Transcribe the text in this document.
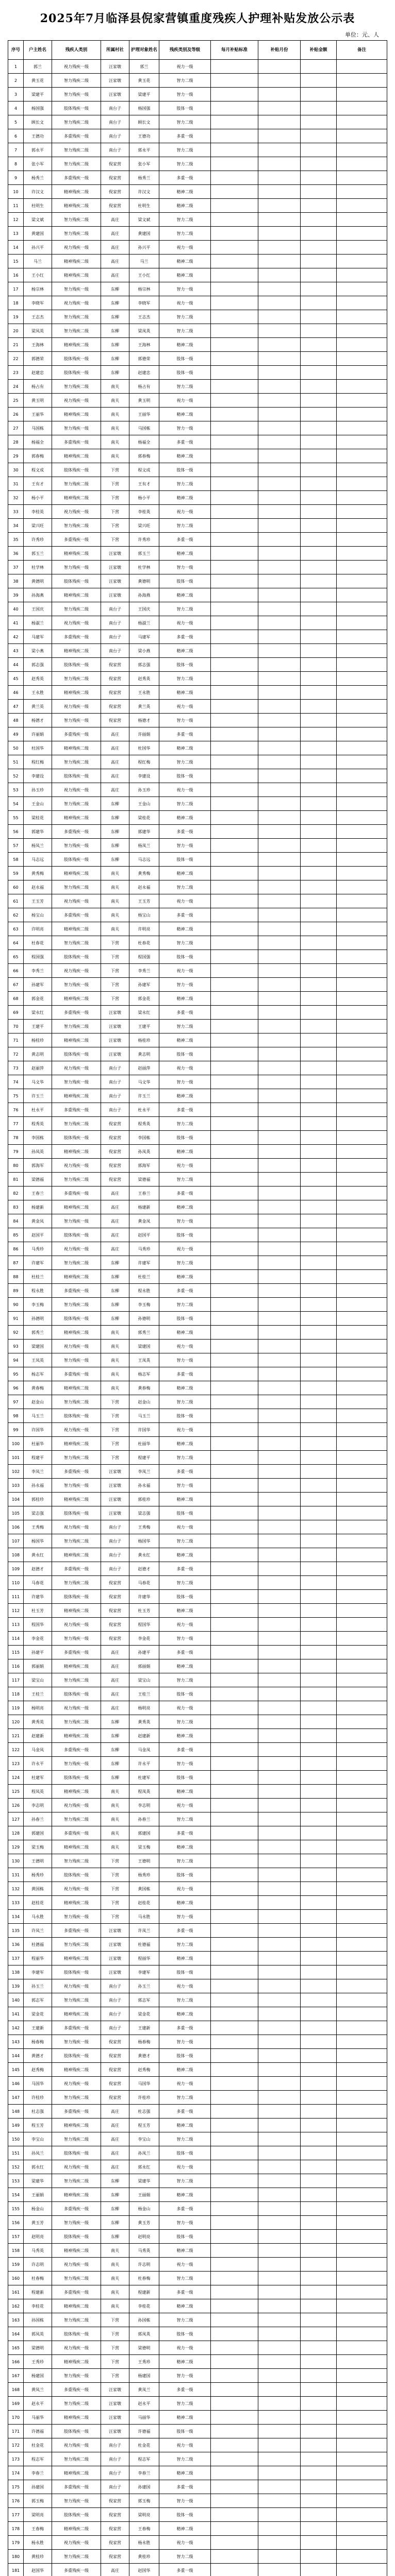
2025年7月临泽县倪家营镇重度残疾人护理补贴发放公示表
单位：元、人
序号	户主姓名	残疾人类别	所属村社	护理对象姓名	残疾类别及等级	每月补贴标准	补贴月份	补贴金额	备注
1	郭兰	视力残疾一级	汪家墩	郭兰	视力一级				
2	黄玉花	智力残疾二级	汪家墩	黄玉花	智力二级				
3	梁建平	智力残疾一级	汪家墩	梁建平	智力一级				
4	杨国强	肢体残疾一级	南台子	杨国强	肢体一级				
5	顾长文	智力残疾二级	南台子	顾长文	智力二级				
6	王德功	多重残疾一级	南台子	王德功	多重一级				
7	郭永平	智力残疾二级	南台子	郭永平	智力二级				
8	张小军	智力残疾二级	倪家营	张小军	智力二级				
9	杨秀兰	多重残疾一级	倪家营	杨秀兰	多重一级				
10	许汉文	精神残疾二级	倪家营	许汉文	精神二级				
11	杜明生	精神残疾二级	倪家营	杜明生	精神二级				
12	梁文斌	智力残疾二级	高庄	梁文斌	智力二级				
13	黄建国	智力残疾二级	高庄	黄建国	智力二级				
14	孙兴平	视力残疾一级	高庄	孙兴平	视力一级				
15	马兰	精神残疾二级	高庄	马兰	精神二级				
16	王小红	精神残疾二级	高庄	王小红	精神二级				
17	杨宗林	智力残疾一级	东柳	杨宗林	智力一级				
18	李晓军	视力残疾一级	东柳	李晓军	视力一级				
19	王志杰	智力残疾二级	东柳	王志杰	智力二级				
20	梁凤英	智力残疾二级	东柳	梁凤英	智力二级				
21	王海林	精神残疾二级	东柳	王海林	精神二级				
22	郭德荣	肢体残疾一级	东柳	郭德荣	肢体一级				
23	赵建忠	肢体残疾一级	东柳	赵建忠	肢体一级				
24	杨占有	智力残疾二级	南关	杨占有	智力二级				
25	黄玉明	视力残疾一级	南关	黄玉明	视力一级				
26	王丽华	精神残疾二级	南关	王丽华	精神二级				
27	马国栋	智力残疾一级	南关	马国栋	智力一级				
28	杨福全	多重残疾一级	南关	杨福全	多重一级				
29	郭春梅	精神残疾二级	南关	郭春梅	精神二级				
30	程文成	肢体残疾一级	下营	程文成	肢体一级				
31	王有才	智力残疾二级	下营	王有才	智力二级				
32	杨小平	精神残疾二级	下营	杨小平	精神二级				
33	李桂英	视力残疾一级	下营	李桂英	视力一级				
34	梁兴旺	智力残疾二级	下营	梁兴旺	智力二级				
35	许秀珍	多重残疾一级	下营	许秀珍	多重一级				
36	郭玉兰	精神残疾二级	汪家墩	郭玉兰	精神二级				
37	杜学林	智力残疾一级	汪家墩	杜学林	智力一级				
38	黄德明	肢体残疾一级	汪家墩	黄德明	肢体一级				
39	孙海燕	精神残疾二级	汪家墩	孙海燕	精神二级				
40	王国庆	智力残疾二级	南台子	王国庆	智力二级				
41	杨淑兰	视力残疾一级	南台子	杨淑兰	视力一级				
42	马建军	多重残疾一级	南台子	马建军	多重一级				
43	梁小燕	精神残疾二级	南台子	梁小燕	精神二级				
44	郭志强	肢体残疾一级	倪家营	郭志强	肢体一级				
45	赵秀英	智力残疾二级	倪家营	赵秀英	智力二级				
46	王永胜	精神残疾二级	倪家营	王永胜	精神二级				
47	黄兰英	视力残疾一级	倪家营	黄兰英	视力一级				
48	杨德才	智力残疾一级	倪家营	杨德才	智力一级				
49	许丽娟	多重残疾一级	高庄	许丽娟	多重一级				
50	杜国华	精神残疾二级	高庄	杜国华	精神二级				
51	程红梅	智力残疾二级	高庄	程红梅	智力二级				
52	李建设	肢体残疾一级	高庄	李建设	肢体一级				
53	孙玉珍	视力残疾一级	高庄	孙玉珍	视力一级				
54	王金山	智力残疾二级	东柳	王金山	智力二级				
55	梁桂花	精神残疾二级	东柳	梁桂花	精神二级				
56	郭建华	多重残疾一级	东柳	郭建华	多重一级				
57	杨凤兰	智力残疾一级	东柳	杨凤兰	智力一级				
58	马志远	肢体残疾一级	东柳	马志远	肢体一级				
59	黄秀梅	精神残疾二级	南关	黄秀梅	精神二级				
60	赵永福	智力残疾二级	南关	赵永福	智力二级				
61	王玉芳	视力残疾一级	南关	王玉芳	视力一级				
62	杨宝山	多重残疾一级	南关	杨宝山	多重一级				
63	许明亮	精神残疾二级	南关	许明亮	精神二级				
64	杜春花	智力残疾二级	下营	杜春花	智力二级				
65	程国强	肢体残疾一级	下营	程国强	肢体一级				
66	李秀兰	视力残疾一级	下营	李秀兰	视力一级				
67	孙建军	智力残疾一级	下营	孙建军	智力一级				
68	郭金花	精神残疾二级	下营	郭金花	精神二级				
69	梁永红	多重残疾一级	汪家墩	梁永红	多重一级				
70	王建平	智力残疾二级	汪家墩	王建平	智力二级				
71	杨桂珍	精神残疾二级	汪家墩	杨桂珍	精神二级				
72	黄志明	肢体残疾一级	汪家墩	黄志明	肢体一级				
73	赵丽萍	视力残疾一级	南台子	赵丽萍	视力一级				
74	马文华	智力残疾一级	南台子	马文华	智力一级				
75	许玉兰	精神残疾二级	南台子	许玉兰	精神二级				
76	杜永平	多重残疾一级	南台子	杜永平	多重一级				
77	程秀英	智力残疾二级	倪家营	程秀英	智力二级				
78	李国栋	肢体残疾一级	倪家营	李国栋	肢体一级				
79	孙凤英	精神残疾二级	倪家营	孙凤英	精神二级				
80	郭海军	视力残疾一级	倪家营	郭海军	视力一级				
81	梁德福	智力残疾二级	倪家营	梁德福	智力二级				
82	王春兰	多重残疾一级	高庄	王春兰	多重一级				
83	杨建新	精神残疾二级	高庄	杨建新	精神二级				
84	黄金凤	智力残疾一级	高庄	黄金凤	智力一级				
85	赵国平	肢体残疾一级	高庄	赵国平	肢体一级				
86	马秀珍	视力残疾一级	高庄	马秀珍	视力一级				
87	许建军	智力残疾二级	东柳	许建军	智力二级				
88	杜桂兰	精神残疾二级	东柳	杜桂兰	精神二级				
89	程永胜	多重残疾一级	东柳	程永胜	多重一级				
90	李玉梅	智力残疾二级	东柳	李玉梅	智力二级				
91	孙德明	肢体残疾一级	东柳	孙德明	肢体一级				
92	郭秀兰	精神残疾二级	南关	郭秀兰	精神二级				
93	梁建国	视力残疾一级	南关	梁建国	视力一级				
94	王凤英	智力残疾一级	南关	王凤英	智力一级				
95	杨志军	多重残疾一级	南关	杨志军	多重一级				
96	黄春梅	精神残疾二级	南关	黄春梅	精神二级				
97	赵金山	智力残疾二级	下营	赵金山	智力二级				
98	马玉兰	肢体残疾一级	下营	马玉兰	肢体一级				
99	许国华	视力残疾一级	下营	许国华	视力一级				
100	杜丽华	精神残疾二级	下营	杜丽华	精神二级				
101	程建平	智力残疾二级	下营	程建平	智力二级				
102	李凤兰	多重残疾一级	汪家墩	李凤兰	多重一级				
103	孙永福	智力残疾一级	汪家墩	孙永福	智力一级				
104	郭桂珍	精神残疾二级	汪家墩	郭桂珍	精神二级				
105	梁志强	肢体残疾一级	汪家墩	梁志强	肢体一级				
106	王秀梅	视力残疾一级	南台子	王秀梅	视力一级				
107	杨国华	智力残疾二级	南台子	杨国华	智力二级				
108	黄永红	精神残疾二级	南台子	黄永红	精神二级				
109	赵德才	多重残疾一级	南台子	赵德才	多重一级				
110	马春花	智力残疾二级	倪家营	马春花	智力二级				
111	许建华	肢体残疾一级	倪家营	许建华	肢体一级				
112	杜玉芳	精神残疾二级	倪家营	杜玉芳	精神二级				
113	程国华	视力残疾一级	倪家营	程国华	视力一级				
114	李金花	智力残疾一级	倪家营	李金花	智力一级				
115	孙建平	多重残疾一级	高庄	孙建平	多重一级				
116	郭丽娟	精神残疾二级	高庄	郭丽娟	精神二级				
117	梁宝山	智力残疾二级	高庄	梁宝山	智力二级				
118	王桂兰	肢体残疾一级	高庄	王桂兰	肢体一级				
119	杨明亮	视力残疾一级	高庄	杨明亮	视力一级				
120	黄秀英	智力残疾二级	东柳	黄秀英	智力二级				
121	赵建新	精神残疾二级	东柳	赵建新	精神二级				
122	马金凤	多重残疾一级	东柳	马金凤	多重一级				
123	许永平	智力残疾一级	东柳	许永平	智力一级				
124	杜建军	肢体残疾一级	东柳	杜建军	肢体一级				
125	程凤英	精神残疾二级	南关	程凤英	精神二级				
126	李志明	视力残疾一级	南关	李志明	视力一级				
127	孙春兰	智力残疾二级	南关	孙春兰	智力二级				
128	郭建国	多重残疾一级	南关	郭建国	多重一级				
129	梁玉梅	精神残疾二级	南关	梁玉梅	精神二级				
130	王德明	智力残疾二级	下营	王德明	智力二级				
131	杨秀珍	肢体残疾一级	下营	杨秀珍	肢体一级				
132	黄国栋	视力残疾一级	下营	黄国栋	视力一级				
133	赵桂花	精神残疾二级	下营	赵桂花	精神二级				
134	马永胜	智力残疾一级	下营	马永胜	智力一级				
135	许凤兰	多重残疾一级	汪家墩	许凤兰	多重一级				
136	杜德福	智力残疾二级	汪家墩	杜德福	智力二级				
137	程丽华	精神残疾二级	汪家墩	程丽华	精神二级				
138	李建军	肢体残疾一级	汪家墩	李建军	肢体一级				
139	孙玉兰	视力残疾一级	南台子	孙玉兰	视力一级				
140	郭志军	智力残疾二级	南台子	郭志军	智力二级				
141	梁金花	精神残疾二级	南台子	梁金花	精神二级				
142	王建新	多重残疾一级	南台子	王建新	多重一级				
143	杨春梅	智力残疾一级	倪家营	杨春梅	智力一级				
144	黄德才	肢体残疾一级	倪家营	黄德才	肢体一级				
145	赵秀梅	精神残疾二级	倪家营	赵秀梅	精神二级				
146	马国华	视力残疾一级	倪家营	马国华	视力一级				
147	许桂珍	智力残疾二级	倪家营	许桂珍	智力二级				
148	杜志强	多重残疾一级	高庄	杜志强	多重一级				
149	程玉芳	精神残疾二级	高庄	程玉芳	精神二级				
150	李宝山	智力残疾二级	高庄	李宝山	智力二级				
151	孙凤兰	肢体残疾一级	高庄	孙凤兰	肢体一级				
152	郭永红	视力残疾一级	高庄	郭永红	视力一级				
153	梁建华	智力残疾二级	东柳	梁建华	智力二级				
154	王丽娟	精神残疾二级	东柳	王丽娟	精神二级				
155	杨金山	多重残疾一级	东柳	杨金山	多重一级				
156	黄玉芳	智力残疾一级	东柳	黄玉芳	智力一级				
157	赵明亮	肢体残疾一级	东柳	赵明亮	肢体一级				
158	马秀英	精神残疾二级	南关	马秀英	精神二级				
159	许志明	视力残疾一级	南关	许志明	视力一级				
160	杜春梅	智力残疾二级	南关	杜春梅	智力二级				
161	程建新	多重残疾一级	南关	程建新	多重一级				
162	李桂花	精神残疾二级	南关	李桂花	精神二级				
163	孙国栋	智力残疾二级	下营	孙国栋	智力二级				
164	郭凤英	肢体残疾一级	下营	郭凤英	肢体一级				
165	梁德明	视力残疾一级	下营	梁德明	视力一级				
166	王秀珍	精神残疾二级	下营	王秀珍	精神二级				
167	杨建国	智力残疾一级	下营	杨建国	智力一级				
168	黄凤兰	多重残疾一级	汪家墩	黄凤兰	多重一级				
169	赵永平	智力残疾二级	汪家墩	赵永平	智力二级				
170	马丽华	精神残疾二级	汪家墩	马丽华	精神二级				
171	许德福	肢体残疾一级	汪家墩	许德福	肢体一级				
172	杜金花	视力残疾一级	南台子	杜金花	视力一级				
173	程志军	智力残疾二级	南台子	程志军	智力二级				
174	李春兰	精神残疾二级	南台子	李春兰	精神二级				
175	孙建国	多重残疾一级	南台子	孙建国	多重一级				
176	郭玉梅	智力残疾一级	倪家营	郭玉梅	智力一级				
177	梁明亮	肢体残疾一级	倪家营	梁明亮	肢体一级				
178	王春梅	精神残疾二级	倪家营	王春梅	精神二级				
179	杨永胜	视力残疾一级	倪家营	杨永胜	视力一级				
180	黄桂珍	智力残疾二级	倪家营	黄桂珍	智力二级				
181	赵国华	多重残疾一级	高庄	赵国华	多重一级				
